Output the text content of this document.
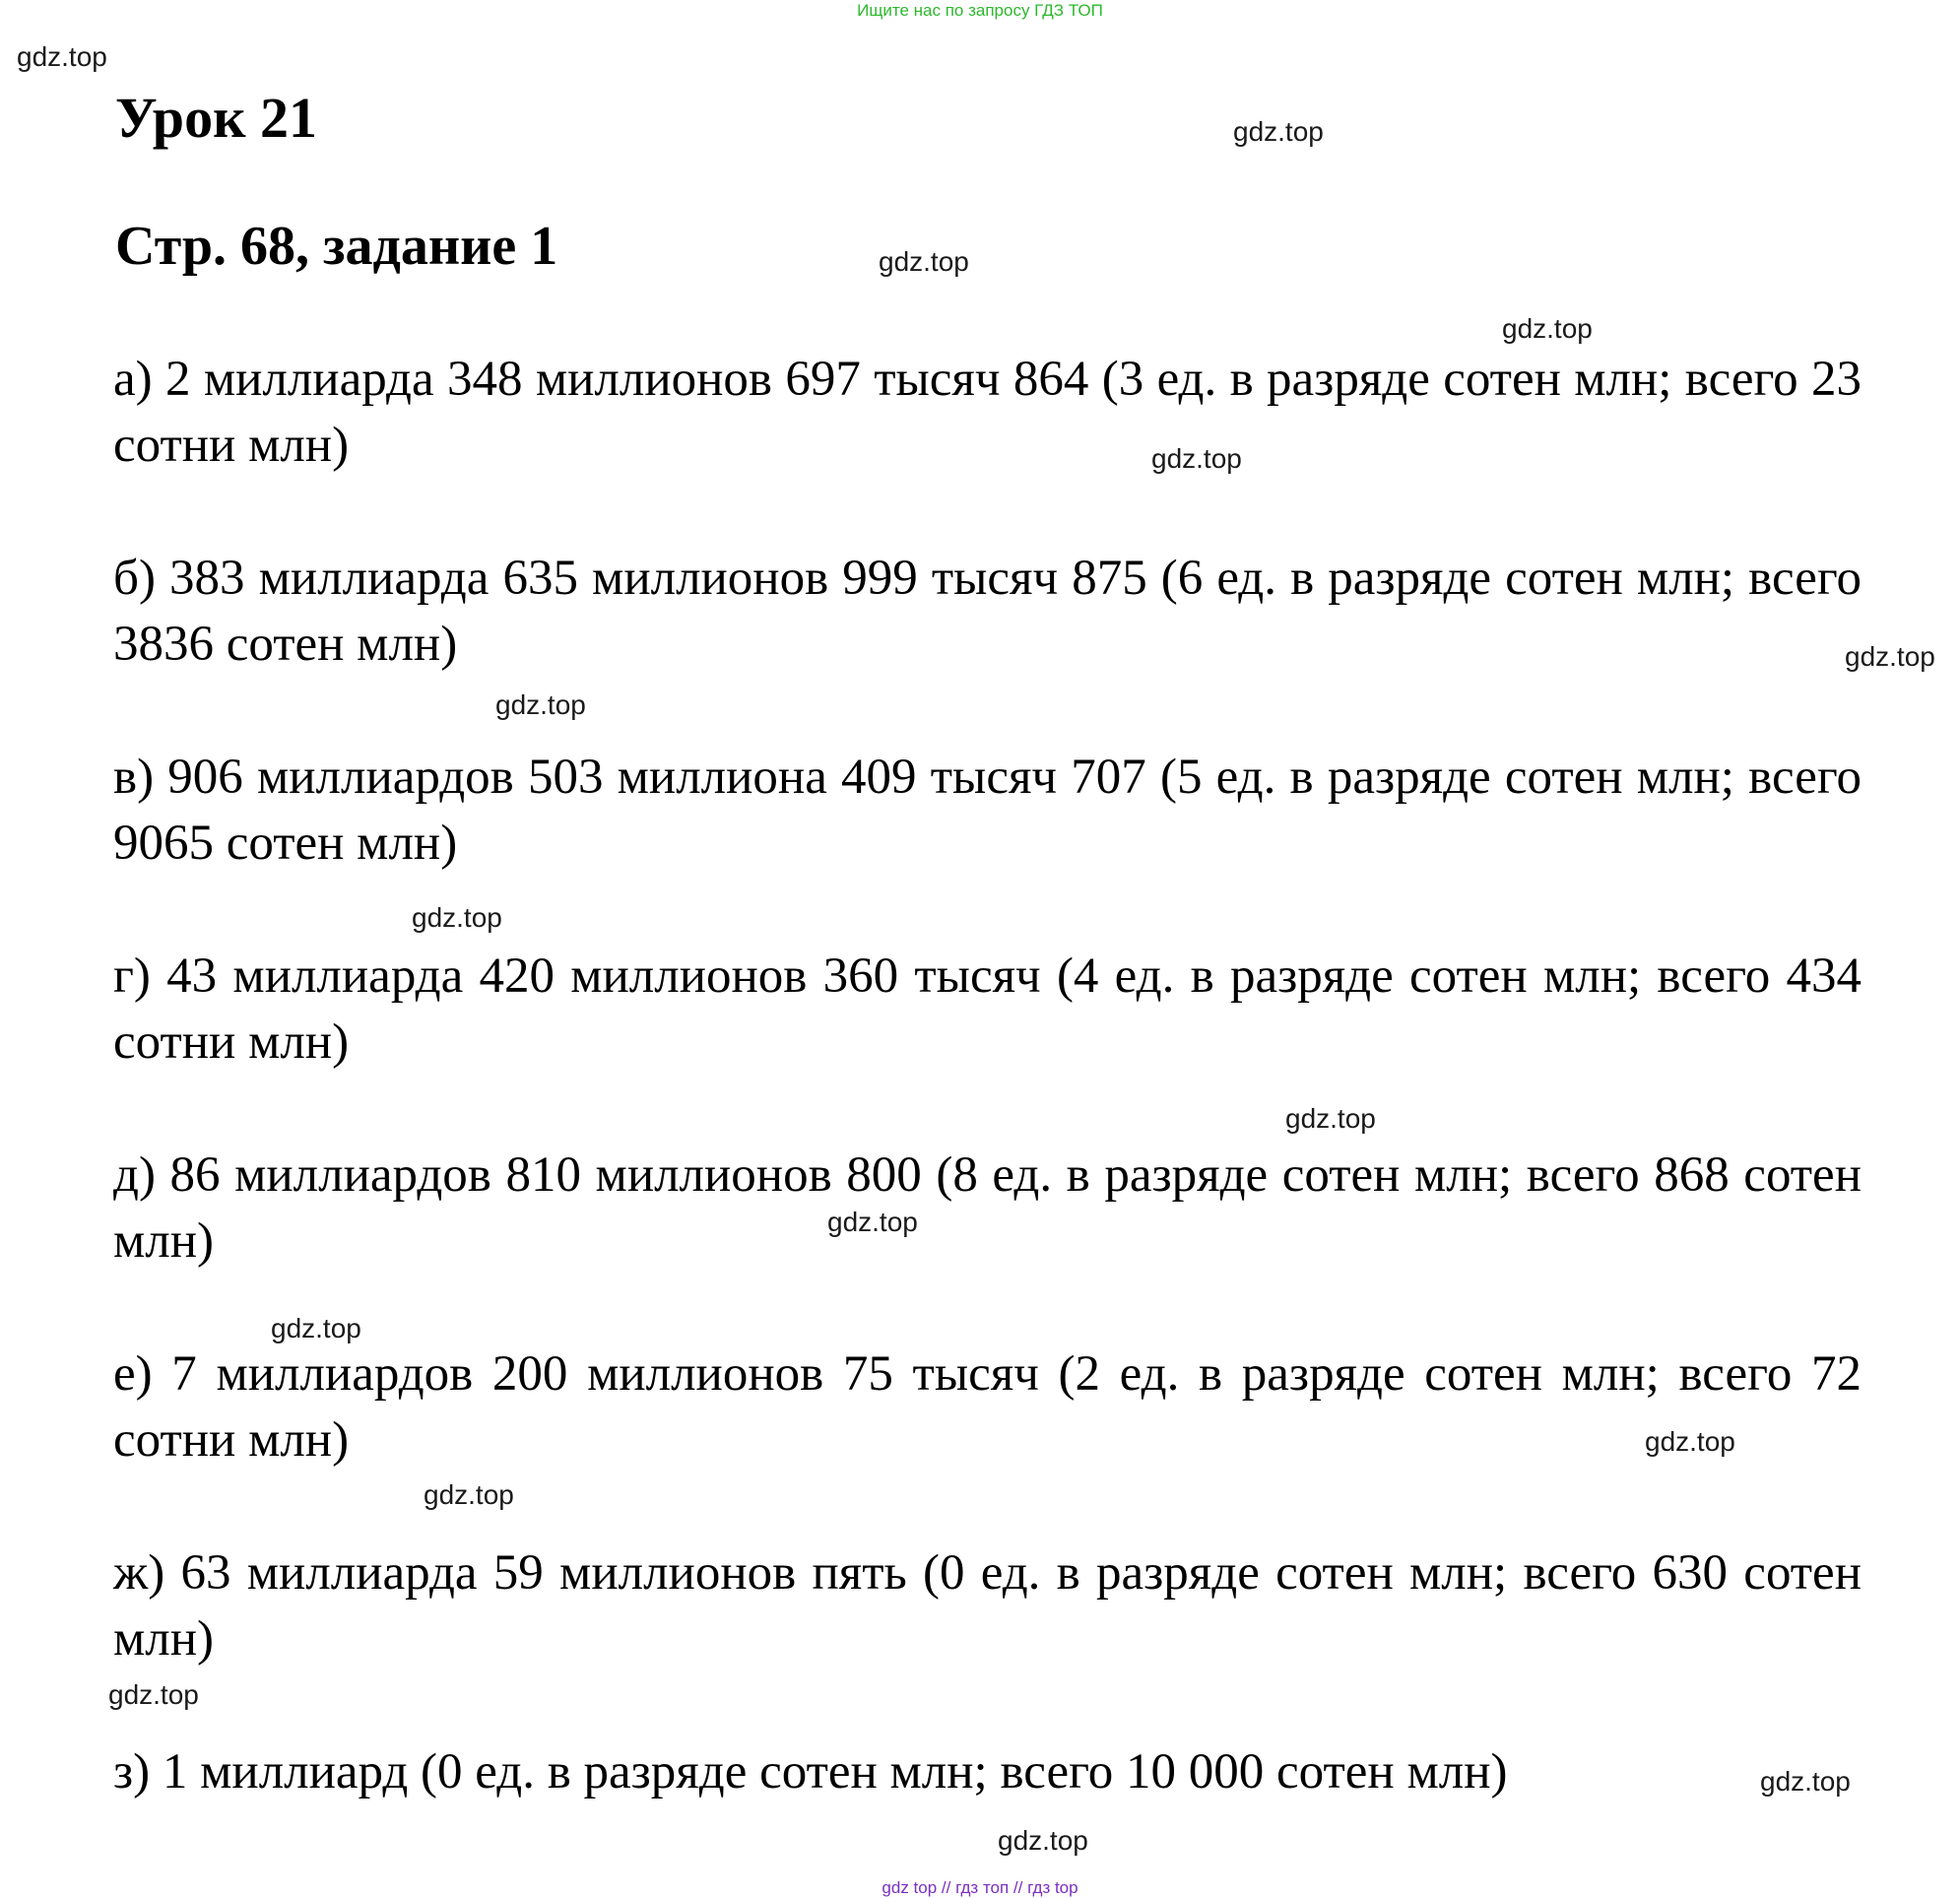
Ищите нас по запросу ГДЗ ТОП
Урок 21
Стр. 68, задание 1

а) 2 миллиарда 348 миллионов 697 тысяч 864 (3 ед. в разряде сотен млн; всего 23 сотни млн)

б) 383 миллиарда 635 миллионов 999 тысяч 875 (6 ед. в разряде сотен млн; всего 3836 сотен млн)

в) 906 миллиардов 503 миллиона 409 тысяч 707 (5 ед. в разряде сотен млн; всего 9065 сотен млн)

г) 43 миллиарда 420 миллионов 360 тысяч (4 ед. в разряде сотен млн; всего 434 сотни млн)

д) 86 миллиардов 810 миллионов 800 (8 ед. в разряде сотен млн; всего 868 сотен млн)

е) 7 миллиардов 200 миллионов 75 тысяч (2 ед. в разряде сотен млн; всего 72 сотни млн)

ж) 63 миллиарда 59 миллионов пять (0 ед. в разряде сотен млн; всего 630 сотен млн)

з) 1 миллиард (0 ед. в разряде сотен млн; всего 10 000 сотен млн)

gdz.top
gdz.top
gdz.top
gdz.top
gdz.top
gdz.top
gdz.top
gdz.top
gdz.top
gdz.top
gdz.top
gdz.top
gdz.top
gdz.top
gdz.top
gdz.top
gdz top // гдз топ // гдз top
